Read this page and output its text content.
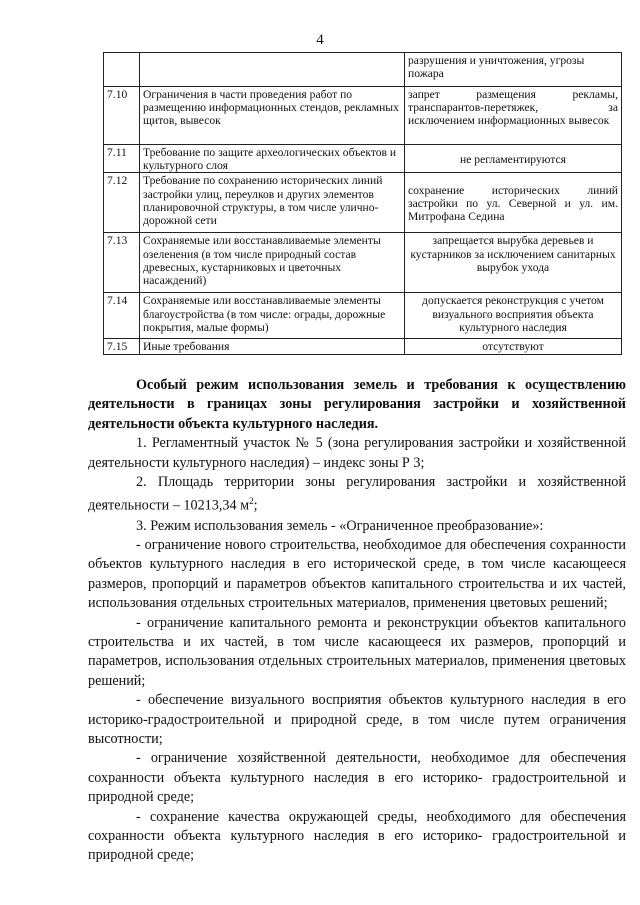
4
		разрушения и уничтожения, угрозы пожара
7.10	Ограничения в части проведения работ по размещению информационных стендов, рекламных щитов, вывесок	запрет размещения рекламы, транспарантов-перетяжек, за исключением информационных вывесок
7.11	Требование по защите археологических объектов и культурного слоя	не регламентируются
7.12	Требование по сохранению исторических линий застройки улиц, переулков и других элементов планировочной структуры, в том числе улично-дорожной сети	сохранение исторических линий застройки по ул. Северной и ул. им. Митрофана Седина
7.13	Сохраняемые или восстанавливаемые элементы озеленения (в том числе природный состав древесных, кустарниковых и цветочных насаждений)	запрещается вырубка деревьев и кустарников за исключением санитарных вырубок ухода
7.14	Сохраняемые или восстанавливаемые элементы благоустройства (в том числе: ограды, дорожные покрытия, малые формы)	допускается реконструкция с учетом визуального восприятия объекта культурного наследия
7.15	Иные требования	отсутствуют

Особый режим использования земель и требования к осуществлению деятельности в границах зоны регулирования застройки и хозяйственной деятельности объекта культурного наследия.

1. Регламентный участок № 5 (зона регулирования застройки и хозяйственной деятельности культурного наследия) – индекс зоны Р 3;

2. Площадь территории зоны регулирования застройки и хозяйственной деятельности – 10213,34 $м^2$;

3. Режим использования земель - «Ограниченное преобразование»:

- ограничение нового строительства, необходимое для обеспечения сохранности объектов культурного наследия в его исторической среде, в том числе касающееся размеров, пропорций и параметров объектов капитального строительства и их частей, использования отдельных строительных материалов, применения цветовых решений;

- ограничение капитального ремонта и реконструкции объектов капитального строительства и их частей, в том числе касающееся их размеров, пропорций и параметров, использования отдельных строительных материалов, применения цветовых решений;

- обеспечение визуального восприятия объектов культурного наследия в его историко-градостроительной и природной среде, в том числе путем ограничения высотности;

- ограничение хозяйственной деятельности, необходимое для обеспечения сохранности объекта культурного наследия в его историко- градостроительной и природной среде;

- сохранение качества окружающей среды, необходимого для обеспечения сохранности объекта культурного наследия в его историко- градостроительной и природной среде;
